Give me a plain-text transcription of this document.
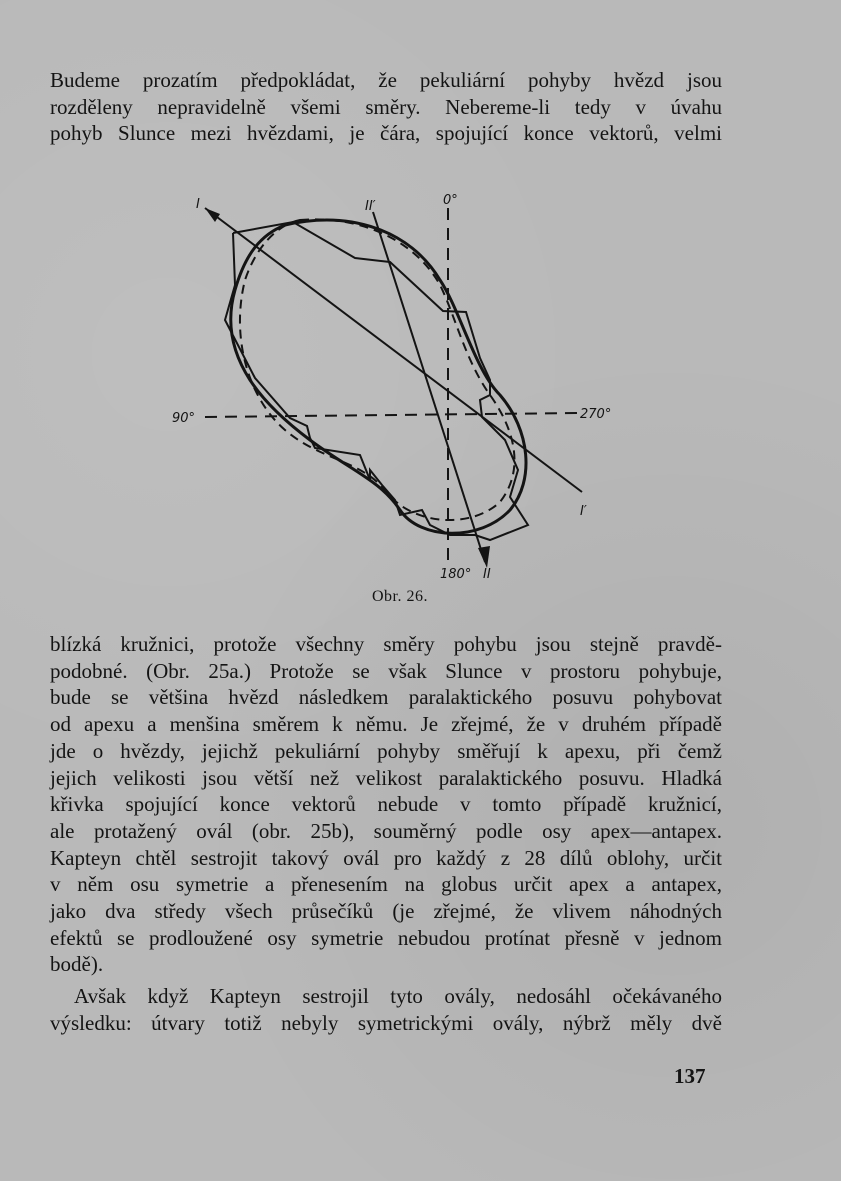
Budeme prozatím předpokládat, že pekuliární pohyby hvězd jsou
rozděleny nepravidelně všemi směry. Nebereme-li tedy v úvahu
pohyb Slunce mezi hvězdami, je čára, spojující konce vektorů, velmi
I	II′	0°
90°	270°
I′
180° II
Obr. 26.
blízká kružnici, protože všechny směry pohybu jsou stejně pravdě-
podobné. (Obr. 25a.) Protože se však Slunce v prostoru pohybuje,
bude se většina hvězd následkem paralaktického posuvu pohybovat
od apexu a menšina směrem k němu. Je zřejmé, že v druhém případě
jde o hvězdy, jejichž pekuliární pohyby směřují k apexu, při čemž
jejich velikosti jsou větší než velikost paralaktického posuvu. Hladká
křivka spojující konce vektorů nebude v tomto případě kružnicí,
ale protažený ovál (obr. 25b), souměrný podle osy apex—antapex.
Kapteyn chtěl sestrojit takový ovál pro každý z 28 dílů oblohy, určit
v něm osu symetrie a přenesením na globus určit apex a antapex,
jako dva středy všech průsečíků (je zřejmé, že vlivem náhodných
efektů se prodloužené osy symetrie nebudou protínat přesně v jednom
bodě).
Avšak když Kapteyn sestrojil tyto ovály, nedosáhl očekávaného
výsledku: útvary totiž nebyly symetrickými ovály, nýbrž měly dvě
137
